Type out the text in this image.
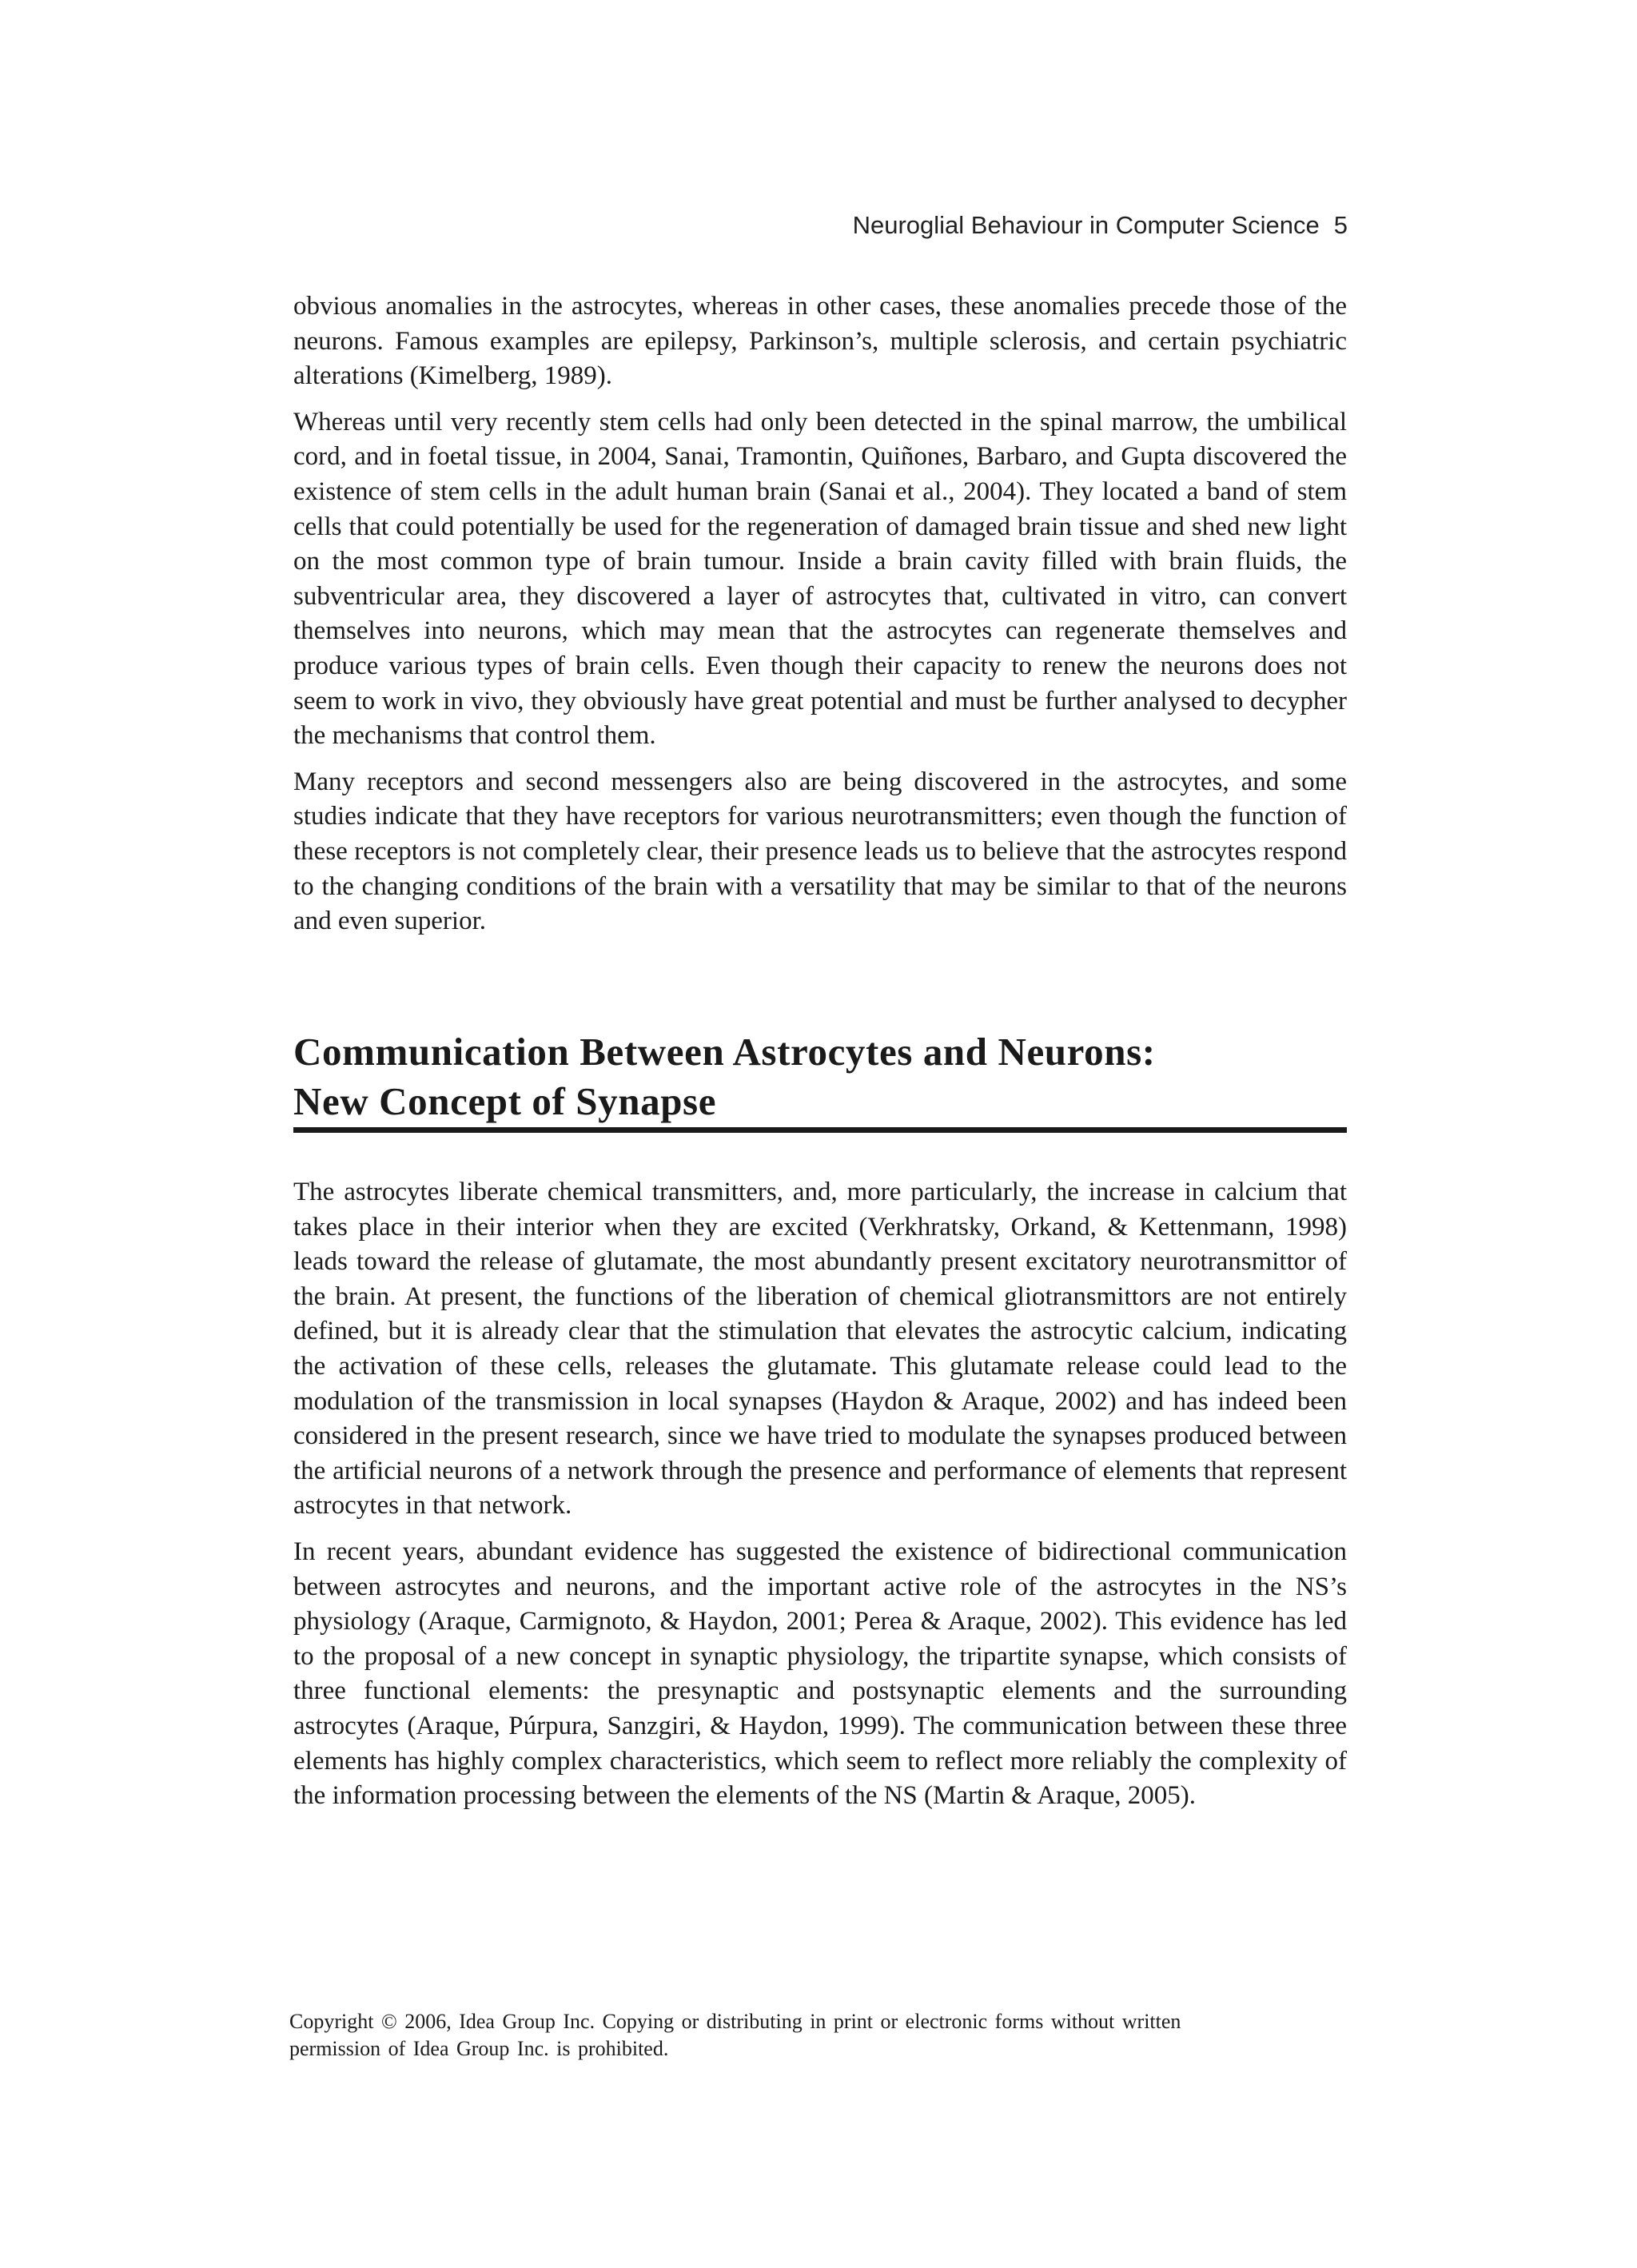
Neuroglial Behaviour in Computer Science 5

obvious anomalies in the astrocytes, whereas in other cases, these anomalies precede those of the neurons. Famous examples are epilepsy, Parkinson’s, multiple sclerosis, and certain psychiatric alterations (Kimelberg, 1989).

Whereas until very recently stem cells had only been detected in the spinal marrow, the umbilical cord, and in foetal tissue, in 2004, Sanai, Tramontin, Quiñones, Barbaro, and Gupta discovered the existence of stem cells in the adult human brain (Sanai et al., 2004). They located a band of stem cells that could potentially be used for the regeneration of damaged brain tissue and shed new light on the most common type of brain tumour. Inside a brain cavity filled with brain fluids, the subventricular area, they discovered a layer of astrocytes that, cultivated in vitro, can convert themselves into neurons, which may mean that the astrocytes can regenerate themselves and produce various types of brain cells. Even though their capacity to renew the neurons does not seem to work in vivo, they obviously have great potential and must be further analysed to decypher the mechanisms that control them.

Many receptors and second messengers also are being discovered in the astrocytes, and some studies indicate that they have receptors for various neurotransmitters; even though the function of these receptors is not completely clear, their presence leads us to believe that the astrocytes respond to the changing conditions of the brain with a versatility that may be similar to that of the neurons and even superior.

Communication Between Astrocytes and Neurons:
New Concept of Synapse

The astrocytes liberate chemical transmitters, and, more particularly, the increase in calcium that takes place in their interior when they are excited (Verkhratsky, Orkand, & Kettenmann, 1998) leads toward the release of glutamate, the most abundantly present excitatory neurotransmittor of the brain. At present, the functions of the liberation of chemical gliotransmittors are not entirely defined, but it is already clear that the stimulation that elevates the astrocytic calcium, indicating the activation of these cells, releases the glutamate. This glutamate release could lead to the modulation of the transmission in local synapses (Haydon & Araque, 2002) and has indeed been considered in the present research, since we have tried to modulate the synapses produced between the artificial neurons of a network through the presence and performance of elements that represent astrocytes in that network.

In recent years, abundant evidence has suggested the existence of bidirectional communication between astrocytes and neurons, and the important active role of the astrocytes in the NS’s physiology (Araque, Carmignoto, & Haydon, 2001; Perea & Araque, 2002). This evidence has led to the proposal of a new concept in synaptic physiology, the tripartite synapse, which consists of three functional elements: the presynaptic and postsynaptic elements and the surrounding astrocytes (Araque, Púrpura, Sanzgiri, & Haydon, 1999). The communication between these three elements has highly complex characteristics, which seem to reflect more reliably the complexity of the information processing between the elements of the NS (Martin & Araque, 2005).

Copyright © 2006, Idea Group Inc. Copying or distributing in print or electronic forms without written
permission of Idea Group Inc. is prohibited.
